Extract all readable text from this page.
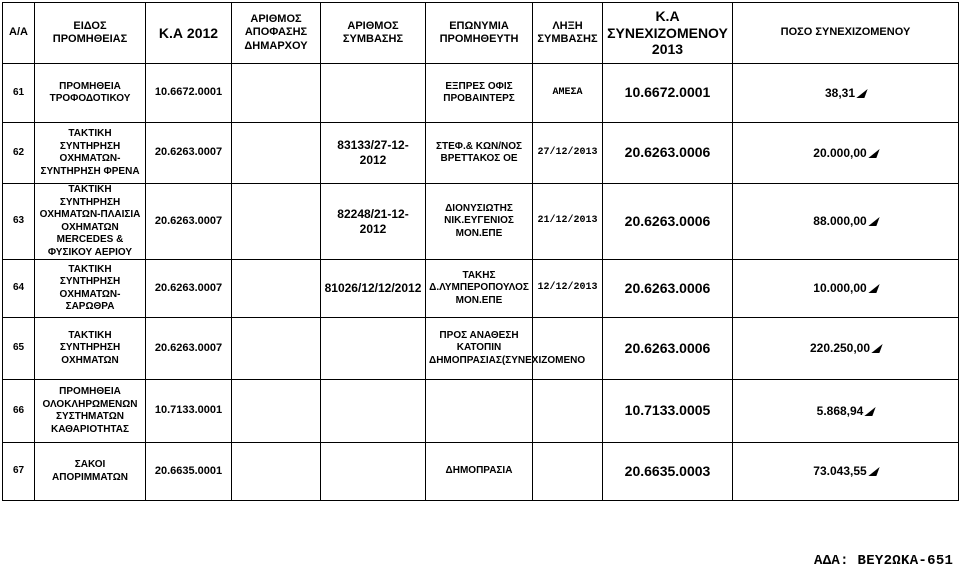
Α/Α	ΕΙΔΟΣ ΠΡΟΜΗΘΕΙΑΣ	Κ.Α 2012	ΑΡΙΘΜΟΣ ΑΠΟΦΑΣΗΣ ΔΗΜΑΡΧΟΥ	ΑΡΙΘΜΟΣ ΣΥΜΒΑΣΗΣ	ΕΠΩΝΥΜΙΑ ΠΡΟΜΗΘΕΥΤΗ	ΛΗΞΗ ΣΥΜΒΑΣΗΣ	Κ.Α ΣΥΝΕΧΙΖΟΜΕΝΟΥ 2013	ΠΟΣΟ ΣΥΝΕΧΙΖΟΜΕΝΟΥ
61	ΠΡΟΜΗΘΕΙΑ ΤΡΟΦΟΔΟΤΙΚΟΥ	10.6672.0001			ΕΞΠΡΕΣ ΟΦΙΣ ΠΡΟΒΑΙΝΤΕΡΣ	ΑΜΕΣΑ	10.6672.0001	38,31
62	ΤΑΚΤΙΚΗ ΣΥΝΤΗΡΗΣΗ ΟΧΗΜΑΤΩΝ-ΣΥΝΤΗΡΗΣΗ ΦΡΕΝΑ	20.6263.0007		83133/27-12-2012	ΣΤΕΦ.& ΚΩΝ/ΝΟΣ ΒΡΕΤΤΑΚΟΣ ΟΕ	27/12/2013	20.6263.0006	20.000,00
63	ΤΑΚΤΙΚΗ ΣΥΝΤΗΡΗΣΗ ΟΧΗΜΑΤΩΝ-ΠΛΑΙΣΙΑ ΟΧΗΜΑΤΩΝ MERCEDES & ΦΥΣΙΚΟΥ ΑΕΡΙΟΥ	20.6263.0007		82248/21-12-2012	ΔΙΟΝΥΣΙΩΤΗΣ ΝΙΚ.ΕΥΓΕΝΙΟΣ ΜΟΝ.ΕΠΕ	21/12/2013	20.6263.0006	88.000,00
64	ΤΑΚΤΙΚΗ ΣΥΝΤΗΡΗΣΗ ΟΧΗΜΑΤΩΝ-ΣΑΡΩΘΡΑ	20.6263.0007		81026/12/12/2012	ΤΑΚΗΣ Δ.ΛΥΜΠΕΡΟΠΟΥΛΟΣ ΜΟΝ.ΕΠΕ	12/12/2013	20.6263.0006	10.000,00
65	ΤΑΚΤΙΚΗ ΣΥΝΤΗΡΗΣΗ ΟΧΗΜΑΤΩΝ	20.6263.0007			ΠΡΟΣ ΑΝΑΘΕΣΗ ΚΑΤΟΠΙΝ ΔΗΜΟΠΡΑΣΙΑΣ(ΣΥΝΕΧΙΖΟΜΕΝΟ		20.6263.0006	220.250,00
66	ΠΡΟΜΗΘΕΙΑ ΟΛΟΚΛΗΡΩΜΕΝΩΝ ΣΥΣΤΗΜΑΤΩΝ ΚΑΘΑΡΙΟΤΗΤΑΣ	10.7133.0001					10.7133.0005	5.868,94
67	ΣΑΚΟΙ ΑΠΟΡΙΜΜΑΤΩΝ	20.6635.0001			ΔΗΜΟΠΡΑΣΙΑ		20.6635.0003	73.043,55
ΑΔΑ: ΒΕΥ2ΩΚΑ-651
